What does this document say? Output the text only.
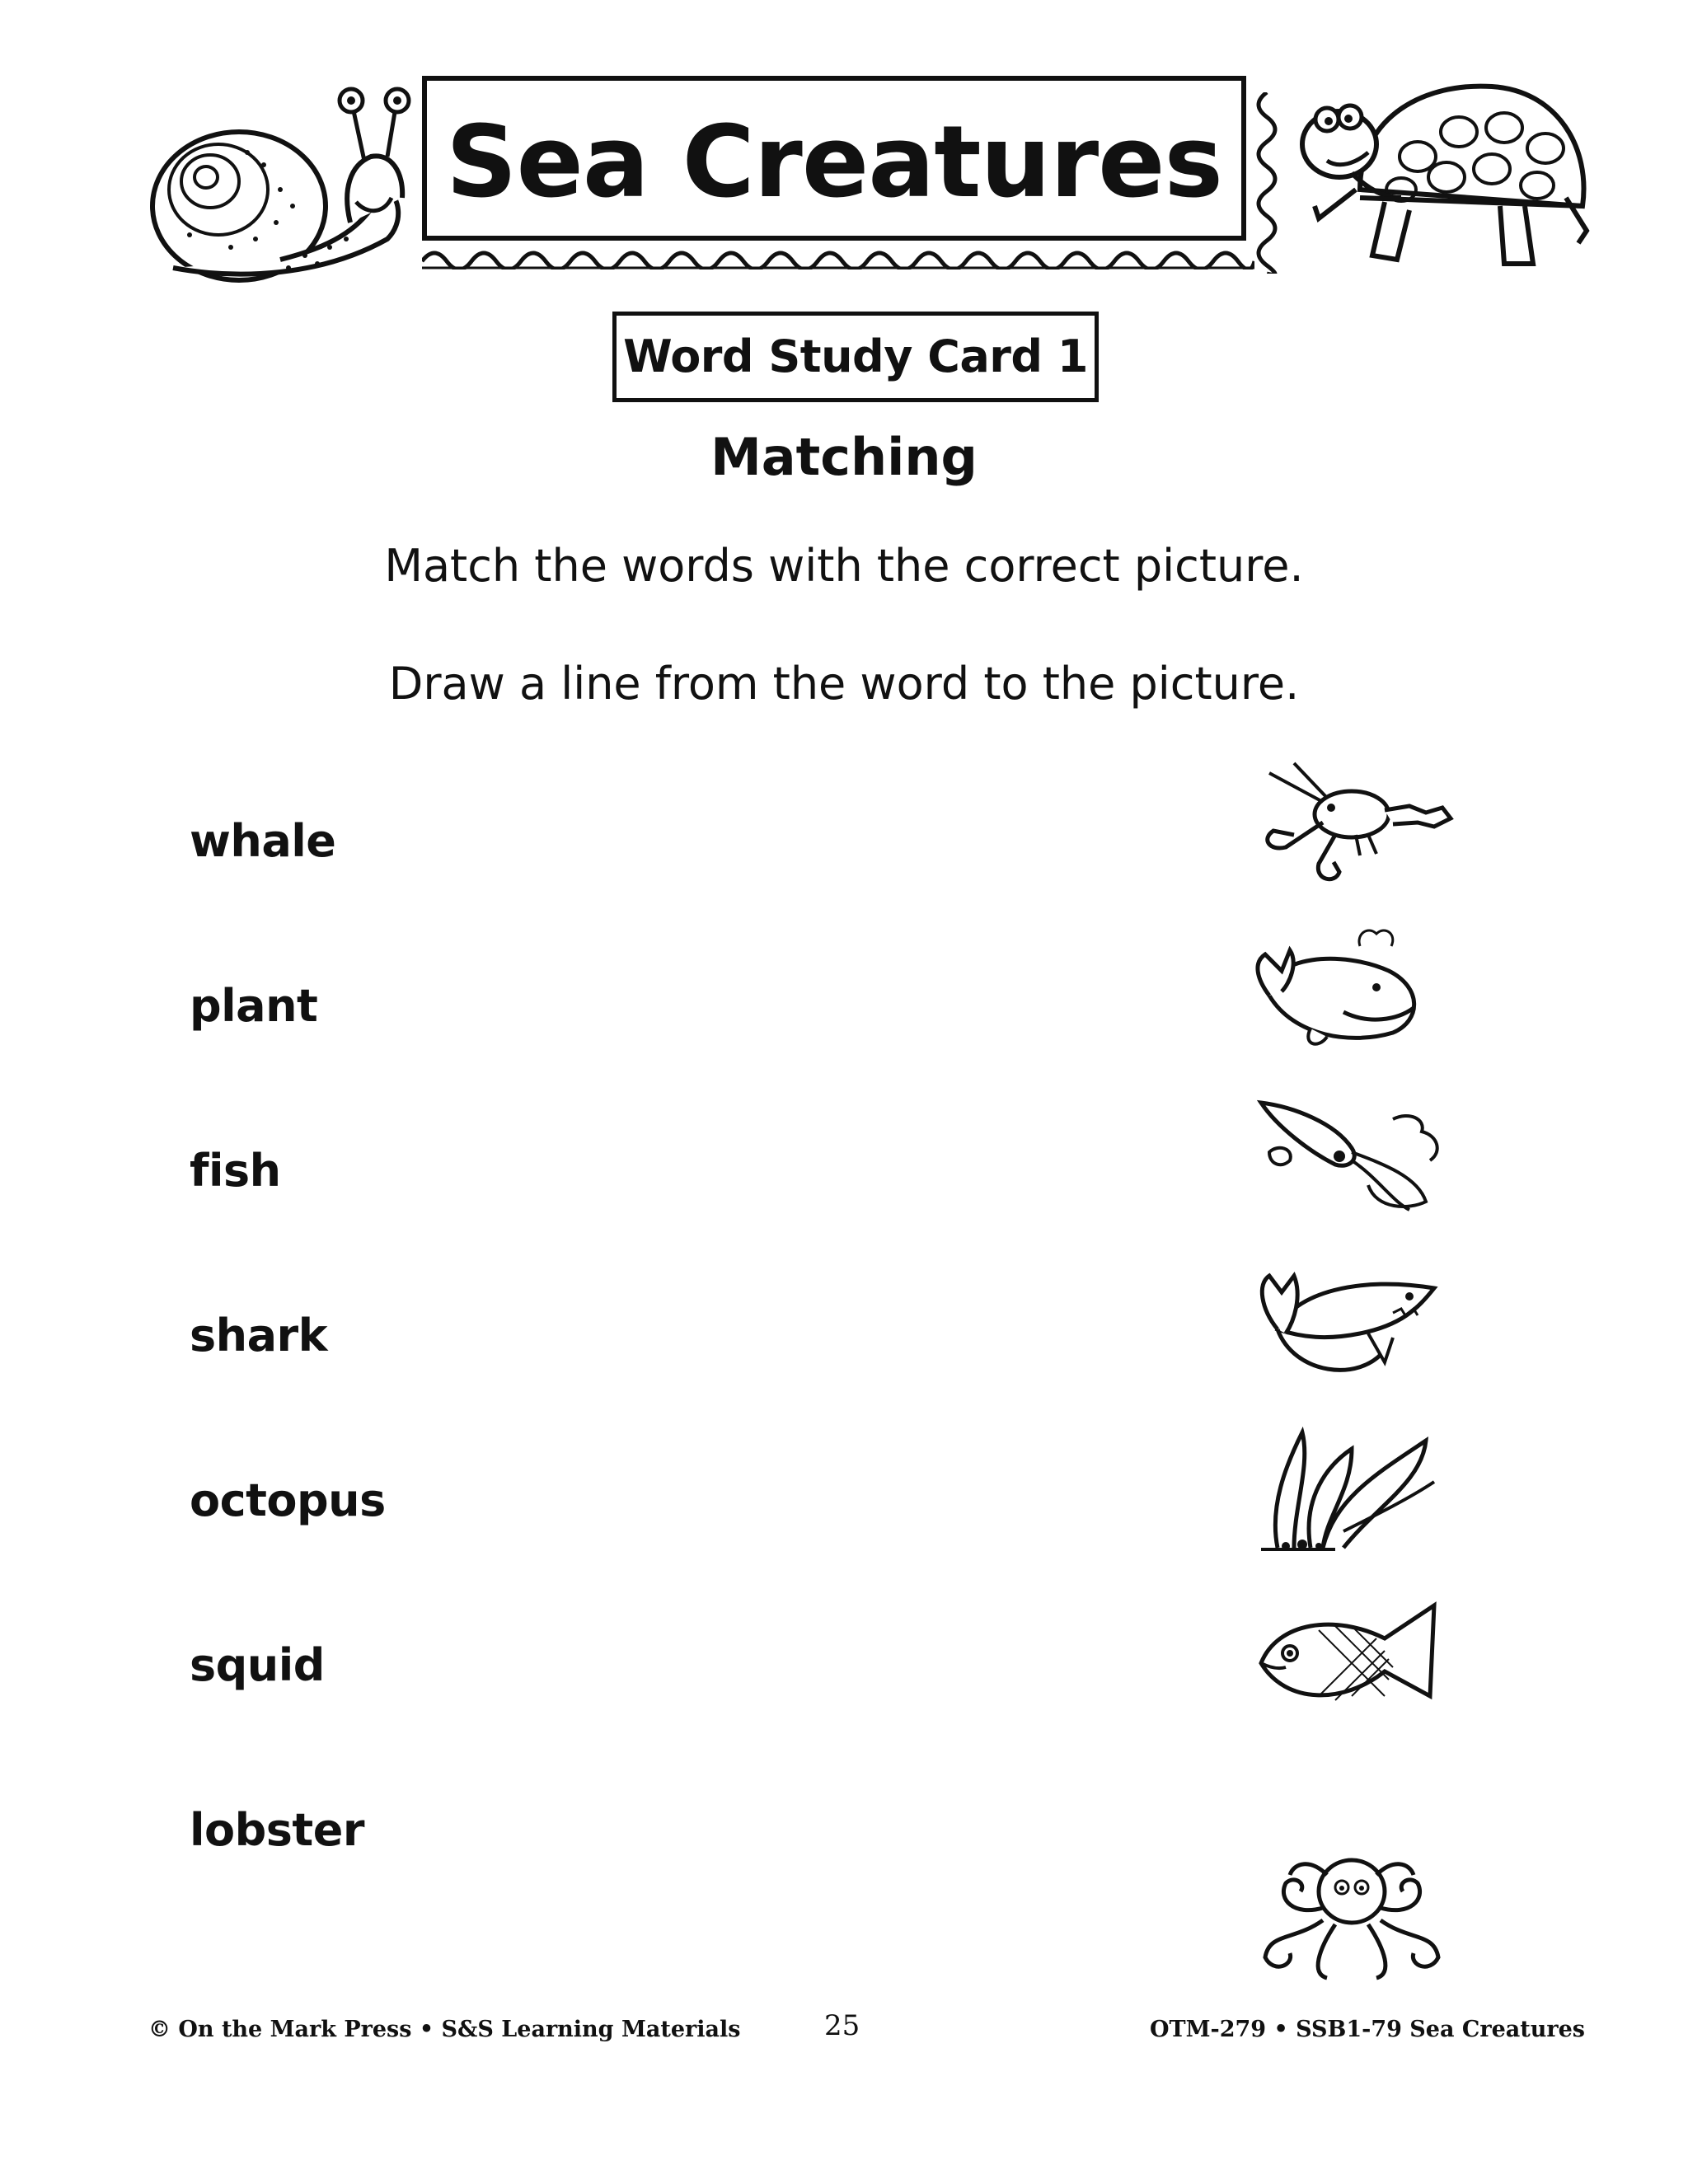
Sea Creatures
Word Study Card 1
Matching
Match the words with the correct picture.
Draw a line from the word to the picture.
whale
plant
fish
shark
octopus
squid
lobster
© On the Mark Press • S&S Learning Materials	25	OTM-279 • SSB1-79 Sea Creatures
